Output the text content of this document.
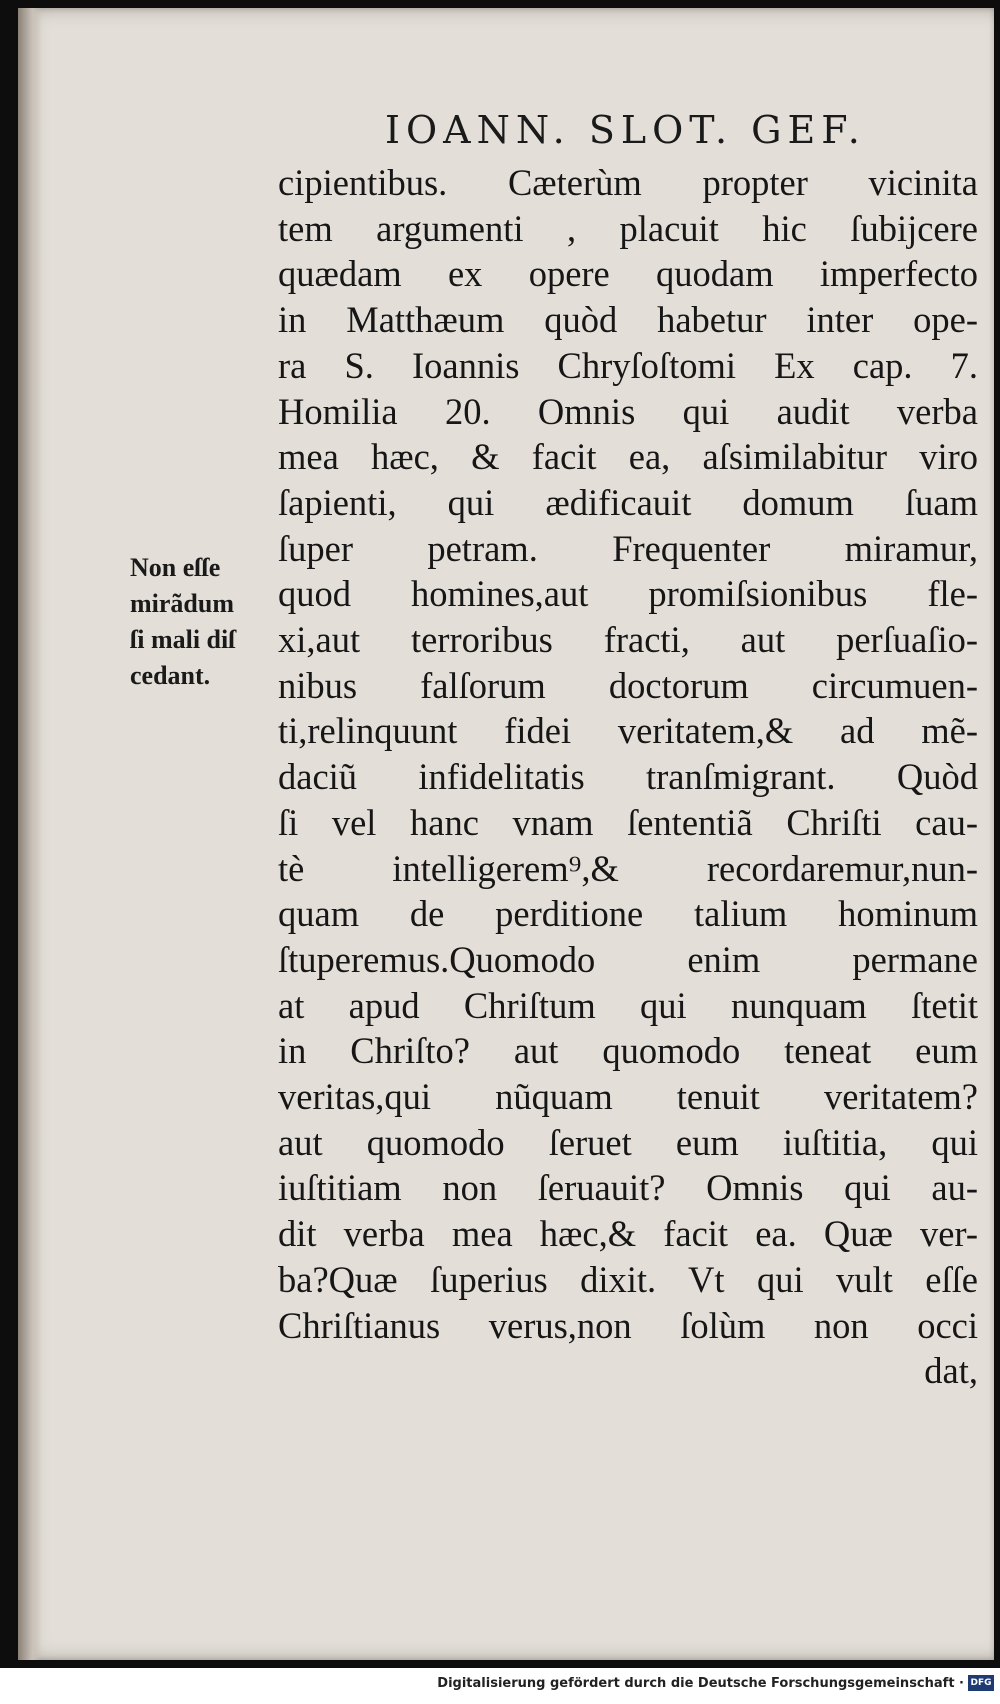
IOANN. SLOT. GEF.
Non eſſe
mirãdum
ſi mali diſ
cedant.
cipientibus. Cæterùm propter vicinita
tem argumenti , placuit hic ſubijcere
quædam ex opere quodam imperfecto
in Matthæum quòd habetur inter ope-
ra S. Ioannis Chryſoſtomi Ex cap. 7.
Homilia 20. Omnis qui audit verba
mea hæc, & facit ea, aſsimilabitur viro
ſapienti, qui ædificauit domum ſuam
ſuper petram. Frequenter miramur,
quod homines,aut promiſsionibus fle-
xi,aut terroribus fracti, aut perſuaſio-
nibus falſorum doctorum circumuen-
ti,relinquunt fidei veritatem,& ad mẽ-
daciũ infidelitatis tranſmigrant. Quòd
ſi vel hanc vnam ſententiã Chriſti cau-
tè intelligerem⁹,& recordaremur,nun-
quam de perditione talium hominum
ſtuperemus.Quomodo enim permane
at apud Chriſtum qui nunquam ſtetit
in Chriſto? aut quomodo teneat eum
veritas,qui nũquam tenuit veritatem?
aut quomodo ſeruet eum iuſtitia, qui
iuſtitiam non ſeruauit? Omnis qui au-
dit verba mea hæc,& facit ea. Quæ ver-
ba?Quæ ſuperius dixit. Vt qui vult eſſe
Chriſtianus verus,non ſolùm non occi
dat,
Digitalisierung gefördert durch die Deutsche Forschungsgemeinschaft · DFG
